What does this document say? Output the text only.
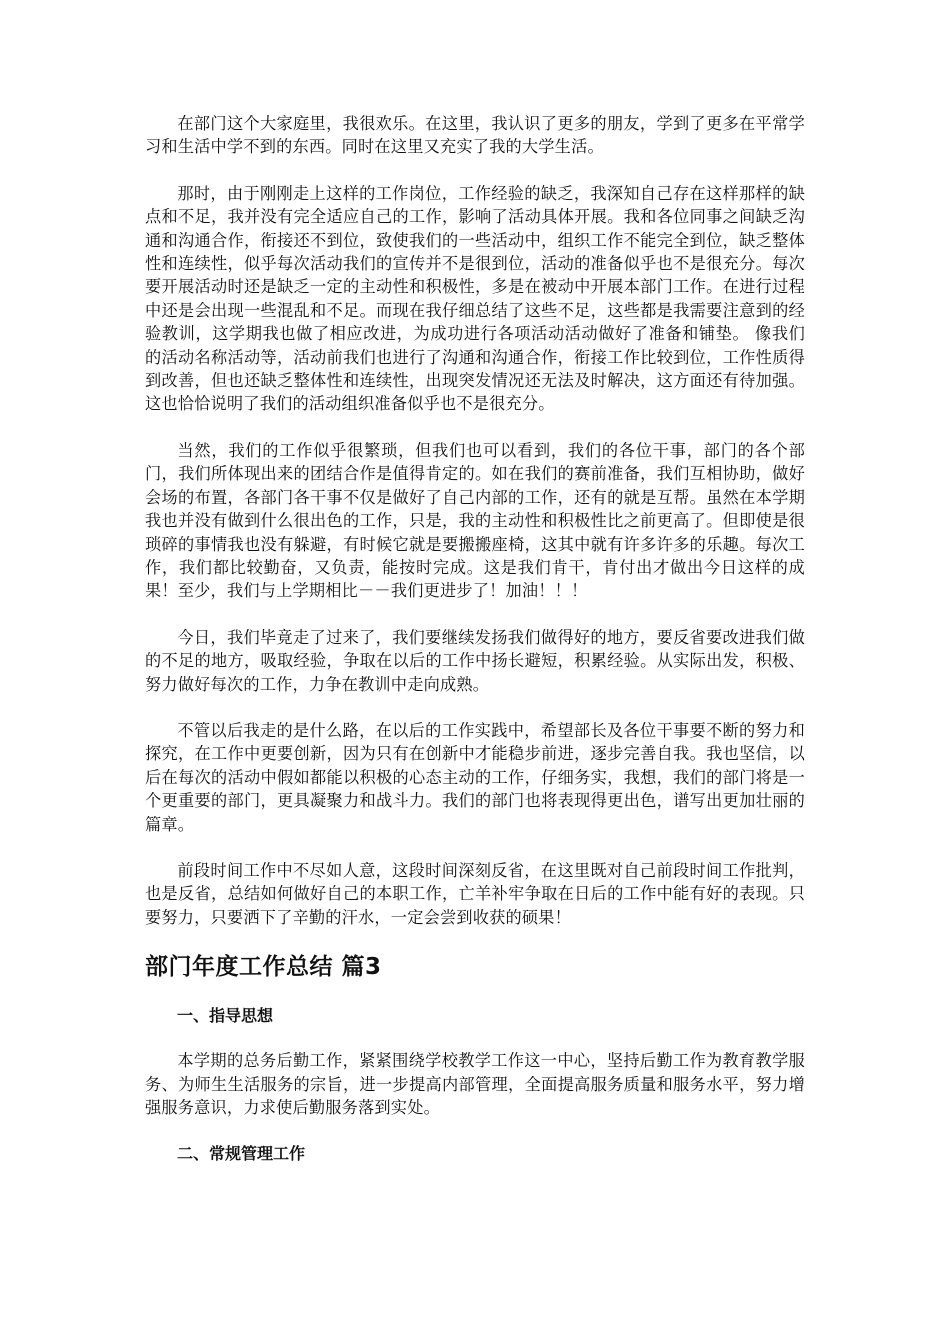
在部门这个大家庭里，我很欢乐。在这里，我认识了更多的朋友，学到了更多在平常学习和生活中学不到的东西。同时在这里又充实了我的大学生活。

那时，由于刚刚走上这样的工作岗位，工作经验的缺乏，我深知自己存在这样那样的缺点和不足，我并没有完全适应自己的工作，影响了活动具体开展。我和各位同事之间缺乏沟通和沟通合作，衔接还不到位，致使我们的一些活动中，组织工作不能完全到位，缺乏整体性和连续性，似乎每次活动我们的宣传并不是很到位，活动的准备似乎也不是很充分。每次要开展活动时还是缺乏一定的主动性和积极性，多是在被动中开展本部门工作。在进行过程中还是会出现一些混乱和不足。而现在我仔细总结了这些不足，这些都是我需要注意到的经验教训，这学期我也做了相应改进，为成功进行各项活动活动做好了准备和铺垫。 像我们的活动名称活动等，活动前我们也进行了沟通和沟通合作，衔接工作比较到位，工作性质得到改善，但也还缺乏整体性和连续性，出现突发情况还无法及时解决，这方面还有待加强。这也恰恰说明了我们的活动组织准备似乎也不是很充分。

当然，我们的工作似乎很繁琐，但我们也可以看到，我们的各位干事，部门的各个部门，我们所体现出来的团结合作是值得肯定的。如在我们的赛前准备，我们互相协助，做好会场的布置，各部门各干事不仅是做好了自己内部的工作，还有的就是互帮。虽然在本学期我也并没有做到什么很出色的工作，只是，我的主动性和积极性比之前更高了。但即使是很琐碎的事情我也没有躲避，有时候它就是要搬搬座椅，这其中就有许多许多的乐趣。每次工作，我们都比较勤奋，又负责，能按时完成。这是我们肯干，肯付出才做出今日这样的成果！至少，我们与上学期相比－－我们更进步了！加油！！！

今日，我们毕竟走了过来了，我们要继续发扬我们做得好的地方，要反省要改进我们做的不足的地方，吸取经验，争取在以后的工作中扬长避短，积累经验。从实际出发，积极、努力做好每次的工作，力争在教训中走向成熟。

不管以后我走的是什么路，在以后的工作实践中，希望部长及各位干事要不断的努力和探究，在工作中更要创新，因为只有在创新中才能稳步前进，逐步完善自我。我也坚信，以后在每次的活动中假如都能以积极的心态主动的工作，仔细务实，我想，我们的部门将是一个更重要的部门，更具凝聚力和战斗力。我们的部门也将表现得更出色，谱写出更加壮丽的篇章。

前段时间工作中不尽如人意，这段时间深刻反省，在这里既对自己前段时间工作批判，也是反省，总结如何做好自己的本职工作，亡羊补牢争取在日后的工作中能有好的表现。只要努力，只要洒下了辛勤的汗水，一定会尝到收获的硕果！

部门年度工作总结 篇3
一、指导思想

本学期的总务后勤工作，紧紧围绕学校教学工作这一中心，坚持后勤工作为教育教学服务、为师生生活服务的宗旨，进一步提高内部管理，全面提高服务质量和服务水平，努力增强服务意识，力求使后勤服务落到实处。

二、常规管理工作
